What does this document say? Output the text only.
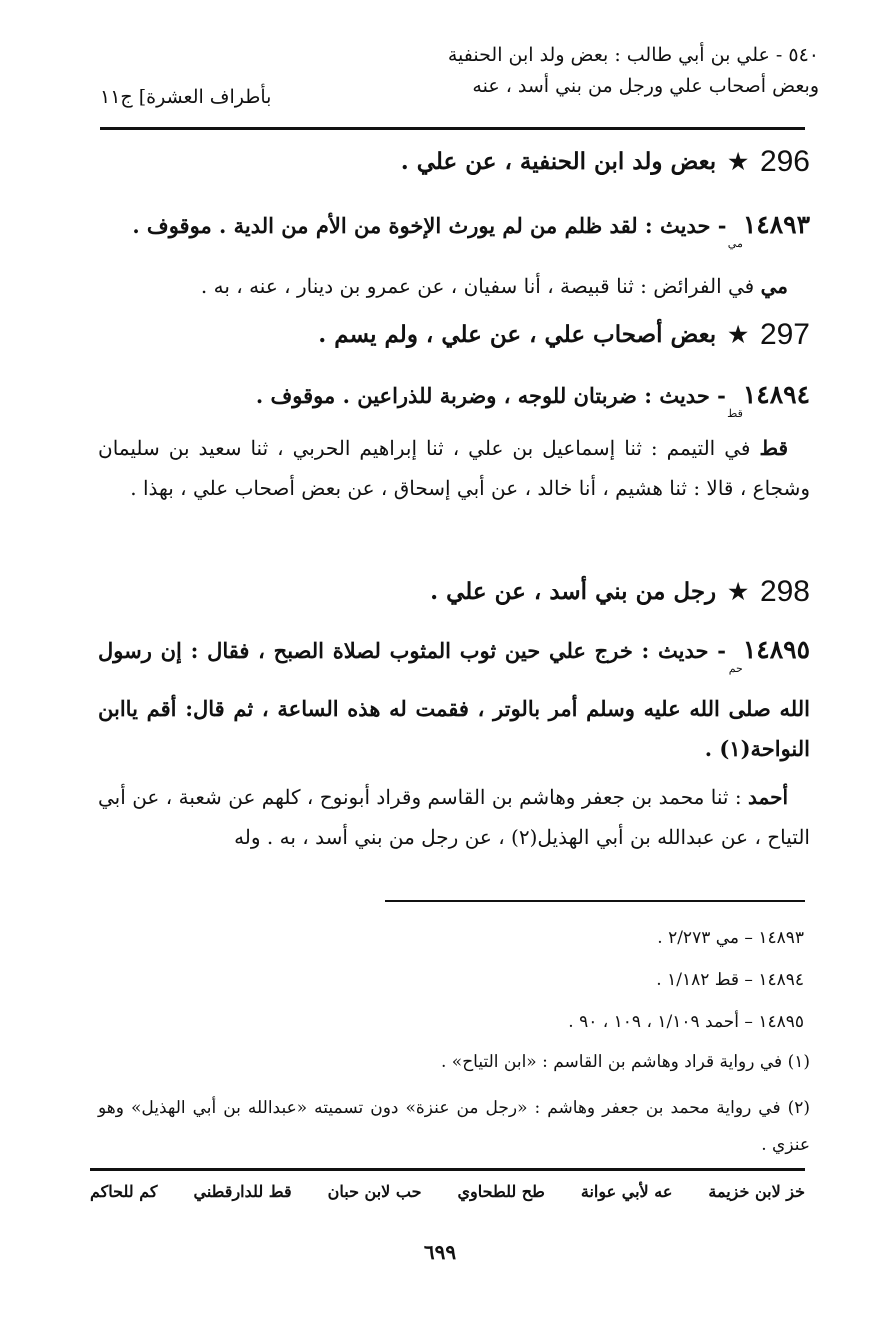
٥٤٠ - علي بن أبي طالب : بعض ولد ابن الحنفية
وبعض أصحاب علي ورجل من بني أسد ، عنه
بأطراف العشرة] ج١١
296 ★ بعض ولد ابن الحنفية ، عن علي .
١٤٨٩٣مي - حديث : لقد ظلم من لم يورث الإخوة من الأم من الدية . موقوف .
مي في الفرائض : ثنا قبيصة ، أنا سفيان ، عن عمرو بن دينار ، عنه ، به .
297 ★ بعض أصحاب علي ، عن علي ، ولم يسم .
١٤٨٩٤قط - حديث : ضربتان للوجه ، وضربة للذراعين . موقوف .
قط في التيمم : ثنا إسماعيل بن علي ، ثنا إبراهيم الحربي ، ثنا سعيد بن سليمان وشجاع ، قالا : ثنا هشيم ، أنا خالد ، عن أبي إسحاق ، عن بعض أصحاب علي ، بهذا .
298 ★ رجل من بني أسد ، عن علي .
١٤٨٩٥حم - حديث : خرج علي حين ثوب المثوب لصلاة الصبح ، فقال : إن رسول الله صلى الله عليه وسلم أمر بالوتر ، فقمت له هذه الساعة ، ثم قال: أقم ياابن النواحة(١) .
أحمد : ثنا محمد بن جعفر وهاشم بن القاسم وقراد أبونوح ، كلهم عن شعبة ، عن أبي التياح ، عن عبدالله بن أبي الهذيل(٢) ، عن رجل من بني أسد ، به . وله
١٤٨٩٣ – مي ٢/٢٧٣ .
١٤٨٩٤ – قط ١/١٨٢ .
١٤٨٩٥ – أحمد ١/١٠٩ ، ١٠٩ ، ٩٠ .
(١) في رواية قراد وهاشم بن القاسم : «ابن التياح» .
(٢) في رواية محمد بن جعفر وهاشم : «رجل من عنزة» دون تسميته «عبدالله بن أبي الهذيل» وهو عنزي .
خز لابن خزيمة
عه لأبي عوانة
طح للطحاوي
حب لابن حبان
قط للدارقطني
كم للحاكم
٦٩٩
